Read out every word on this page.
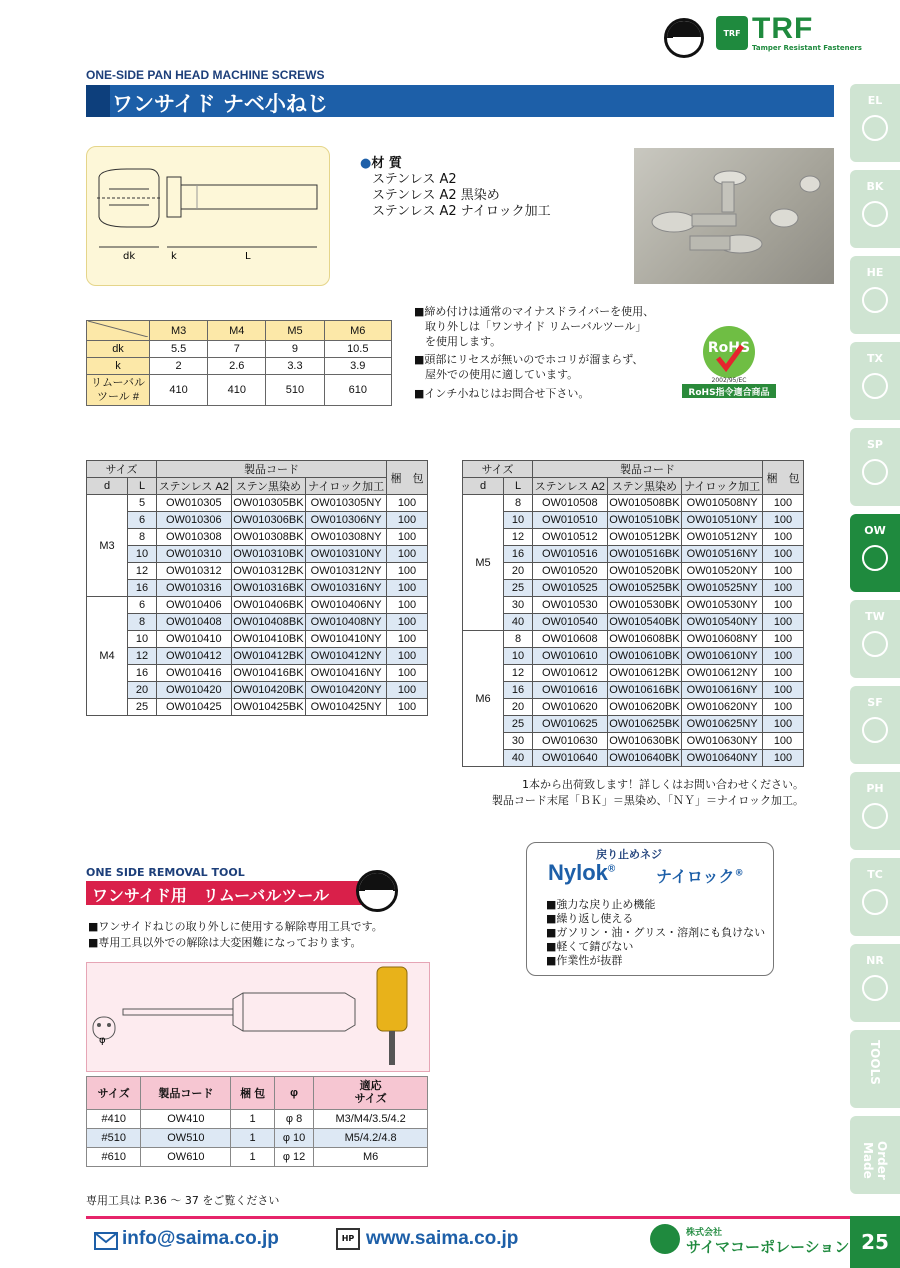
TRF TRF
Tamper Resistant Fasteners
ONE-SIDE PAN HEAD MACHINE SCREWS
ワンサイド ナベ小ねじ
dk	k	L
●材 質
ステンレス A2
ステンレス A2 黒染め
ステンレス A2 ナイロック加工
	M3	M4	M5	M6
dk	5.5	7	9	10.5
k	2	2.6	3.3	3.9
リムーバル
ツール #	410	410	510	610
■締め付けは通常のマイナスドライバーを使用、
　取り外しは「ワンサイド リムーバルツール」
　を使用します。
■頭部にリセスが無いのでホコリが溜まらず、
　屋外での使用に適しています。
■インチ小ねじはお問合せ下さい。
RoHS
2002/95/EC
RoHS指令適合商品
サイズ		製品コード			梱　包
d	L	ステンレス A2	ステン黒染め	ナイロック加工	
M3	5	OW010305	OW010305BK	OW010305NY	100
	6	OW010306	OW010306BK	OW010306NY	100
	8	OW010308	OW010308BK	OW010308NY	100
	10	OW010310	OW010310BK	OW010310NY	100
	12	OW010312	OW010312BK	OW010312NY	100
	16	OW010316	OW010316BK	OW010316NY	100
M4	6	OW010406	OW010406BK	OW010406NY	100
	8	OW010408	OW010408BK	OW010408NY	100
	10	OW010410	OW010410BK	OW010410NY	100
	12	OW010412	OW010412BK	OW010412NY	100
	16	OW010416	OW010416BK	OW010416NY	100
	20	OW010420	OW010420BK	OW010420NY	100
	25	OW010425	OW010425BK	OW010425NY	100
サイズ		製品コード			梱　包
d	L	ステンレス A2	ステン黒染め	ナイロック加工	
M5	8	OW010508	OW010508BK	OW010508NY	100
	10	OW010510	OW010510BK	OW010510NY	100
	12	OW010512	OW010512BK	OW010512NY	100
	16	OW010516	OW010516BK	OW010516NY	100
	20	OW010520	OW010520BK	OW010520NY	100
	25	OW010525	OW010525BK	OW010525NY	100
	30	OW010530	OW010530BK	OW010530NY	100
	40	OW010540	OW010540BK	OW010540NY	100
M6	8	OW010608	OW010608BK	OW010608NY	100
	10	OW010610	OW010610BK	OW010610NY	100
	12	OW010612	OW010612BK	OW010612NY	100
	16	OW010616	OW010616BK	OW010616NY	100
	20	OW010620	OW010620BK	OW010620NY	100
	25	OW010625	OW010625BK	OW010625NY	100
	30	OW010630	OW010630BK	OW010630NY	100
	40	OW010640	OW010640BK	OW010640NY	100
1本から出荷致します！詳しくはお問い合わせください。
製品コード末尾「ＢＫ」＝黒染め、「ＮＹ」＝ナイロック加工。
ONE SIDE REMOVAL TOOL
ワンサイド用　リムーバルツール
■ワンサイドねじの取り外しに使用する解除専用工具です。
■専用工具以外での解除は大変困難になっております。
φ
サイズ	製品コード	梱 包	φ	適応
サイズ
#410	OW410	1	φ 8	M3/M4/3.5/4.2
#510	OW510	1	φ 10	M5/4.2/4.8
#610	OW610	1	φ 12	M6
戻り止めネジ
Nylok®	ナイロック®
■強力な戻り止め機能
■繰り返し使える
■ガソリン・油・グリス・溶剤にも負けない
■軽くて錆びない
■作業性が抜群
専用工具は P.36 ～ 37 をご覧ください
info@saima.co.jp	HP www.saima.co.jp	株式会社
サイマコーポレーション 25
EL
BK
HE
TX
SP
OW
TW
SF
PH
TC
NR
TOOLS
Order Made
